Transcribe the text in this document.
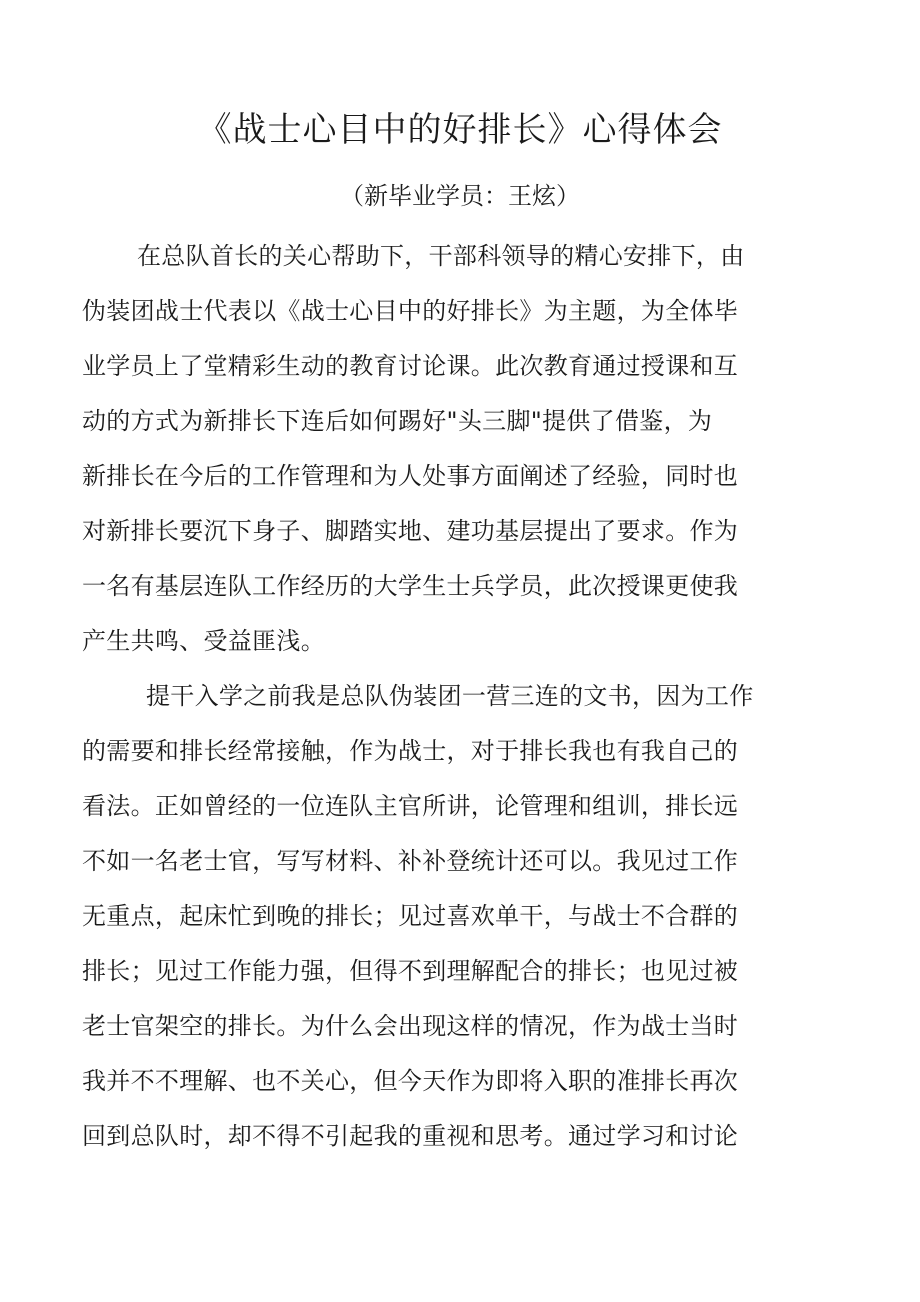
《战士心目中的好排长》心得体会
（新毕业学员：王炫）
在总队首长的关心帮助下，干部科领导的精心安排下，由
伪装团战士代表以《战士心目中的好排长》为主题，为全体毕
业学员上了堂精彩生动的教育讨论课。此次教育通过授课和互
动的方式为新排长下连后如何踢好"头三脚"提供了借鉴，为
新排长在今后的工作管理和为人处事方面阐述了经验，同时也
对新排长要沉下身子、脚踏实地、建功基层提出了要求。作为
一名有基层连队工作经历的大学生士兵学员，此次授课更使我
产生共鸣、受益匪浅。
提干入学之前我是总队伪装团一营三连的文书，因为工作
的需要和排长经常接触，作为战士，对于排长我也有我自己的
看法。正如曾经的一位连队主官所讲，论管理和组训，排长远
不如一名老士官，写写材料、补补登统计还可以。我见过工作
无重点，起床忙到晚的排长；见过喜欢单干，与战士不合群的
排长；见过工作能力强，但得不到理解配合的排长；也见过被
老士官架空的排长。为什么会出现这样的情况，作为战士当时
我并不不理解、也不关心，但今天作为即将入职的准排长再次
回到总队时，却不得不引起我的重视和思考。通过学习和讨论
